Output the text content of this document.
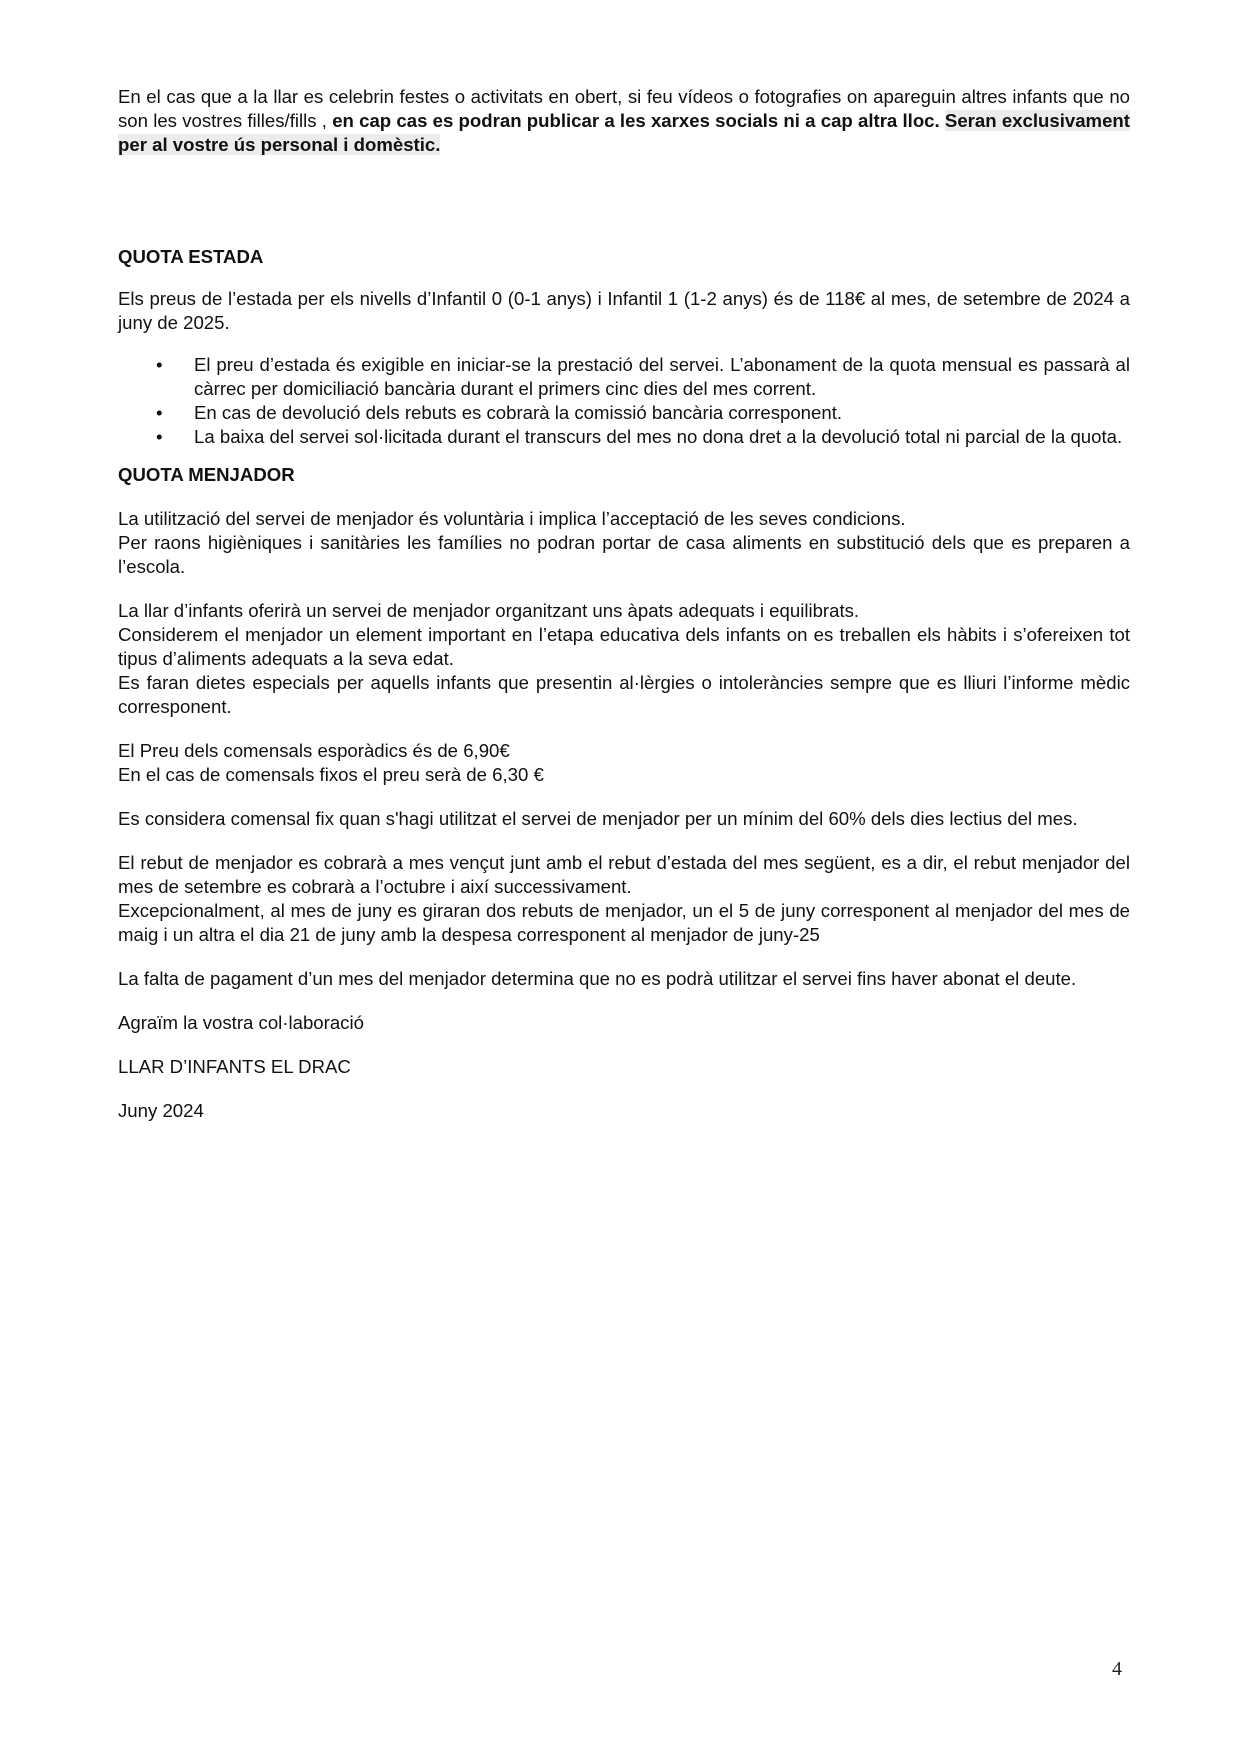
En el cas que a la llar es celebrin festes o activitats en obert, si feu vídeos o fotografies on apareguin altres infants que no son les vostres filles/fills , en cap cas es podran publicar a les xarxes socials ni a cap altra lloc. Seran exclusivament per al vostre ús personal i domèstic.

QUOTA ESTADA

Els preus de l’estada per els nivells d’Infantil 0 (0-1 anys) i Infantil 1 (1-2 anys) és de 118€ al mes, de setembre de 2024 a juny de 2025.

• El preu d’estada és exigible en iniciar-se la prestació del servei. L’abonament de la quota mensual es passarà al càrrec per domiciliació bancària durant el primers cinc dies del mes corrent.
• En cas de devolució dels rebuts es cobrarà la comissió bancària corresponent.
• La baixa del servei sol·licitada durant el transcurs del mes no dona dret a la devolució total ni parcial de la quota.
QUOTA MENJADOR

La utilització del servei de menjador és voluntària i implica l’acceptació de les seves condicions.

Per raons higièniques i sanitàries les famílies no podran portar de casa aliments en substitució dels que es preparen a l’escola.

La llar d’infants oferirà un servei de menjador organitzant uns àpats adequats i equilibrats.

Considerem el menjador un element important en l’etapa educativa dels infants on es treballen els hàbits i s’ofereixen tot tipus d’aliments adequats a la seva edat.

Es faran dietes especials per aquells infants que presentin al·lèrgies o intoleràncies sempre que es lliuri l’informe mèdic corresponent.

El Preu dels comensals esporàdics és de 6,90€

En el cas de comensals fixos el preu serà de 6,30 €

Es considera comensal fix quan s'hagi utilitzat el servei de menjador per un mínim del 60% dels dies lectius del mes.

El rebut de menjador es cobrarà a mes vençut junt amb el rebut d’estada del mes següent, es a dir, el rebut menjador del mes de setembre es cobrarà a l’octubre i així successivament.

Excepcionalment, al mes de juny es giraran dos rebuts de menjador, un el 5 de juny corresponent al menjador del mes de maig i un altra el dia 21 de juny amb la despesa corresponent al menjador de juny-25

La falta de pagament d’un mes del menjador determina que no es podrà utilitzar el servei fins haver abonat el deute.

Agraïm la vostra col·laboració

LLAR D’INFANTS EL DRAC

Juny 2024

4
